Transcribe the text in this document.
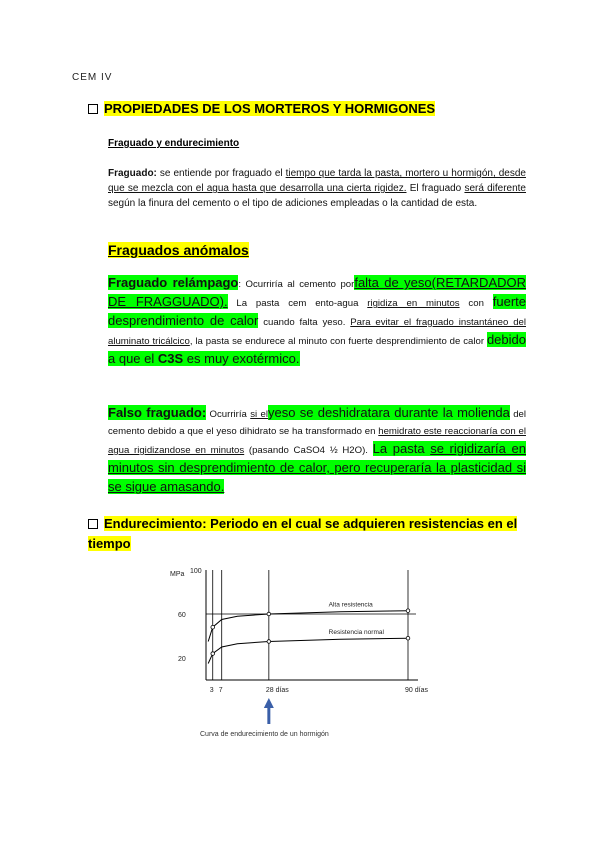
CEM IV
PROPIEDADES DE LOS MORTEROS Y HORMIGONES
Fraguado y endurecimiento
Fraguado: se entiende por fraguado el tiempo que tarda la pasta, mortero u hormigón, desde que se mezcla con el agua hasta que desarrolla una cierta rigidez. El fraguado será diferente según la finura del cemento o el tipo de adiciones empleadas o la cantidad de esta.
Fraguados anómalos
Fraguado relámpago: Ocurriría al cemento porfalta de yeso(RETARDADOR DE FRAGGUADO). La pasta cem ento-agua rigidiza en minutos con fuerte desprendimiento de calor cuando falta yeso. Para evitar el fraguado instantáneo del aluminato tricálcico, la pasta se endurece al minuto con fuerte desprendimiento de calor debido a que el C3S es muy exotérmico.
Falso fraguado: Ocurriría si elyeso se deshidratara durante la molienda del cemento debido a que el yeso dihidrato se ha transformado en hemidrato este reaccionaría con el agua rigidizandose en minutos (pasando CaSO4 ½ H2O). La pasta se rigidizaría en minutos sin desprendimiento de calor, pero recuperaría la plasticidad si se sigue amasando.
Endurecimiento: Periodo en el cual se adquieren resistencias en el tiempo
MPa 100
60
20
3 7	28 días	90 días
Alta resistencia
Resistencia normal
Curva de endurecimiento de un hormigón
